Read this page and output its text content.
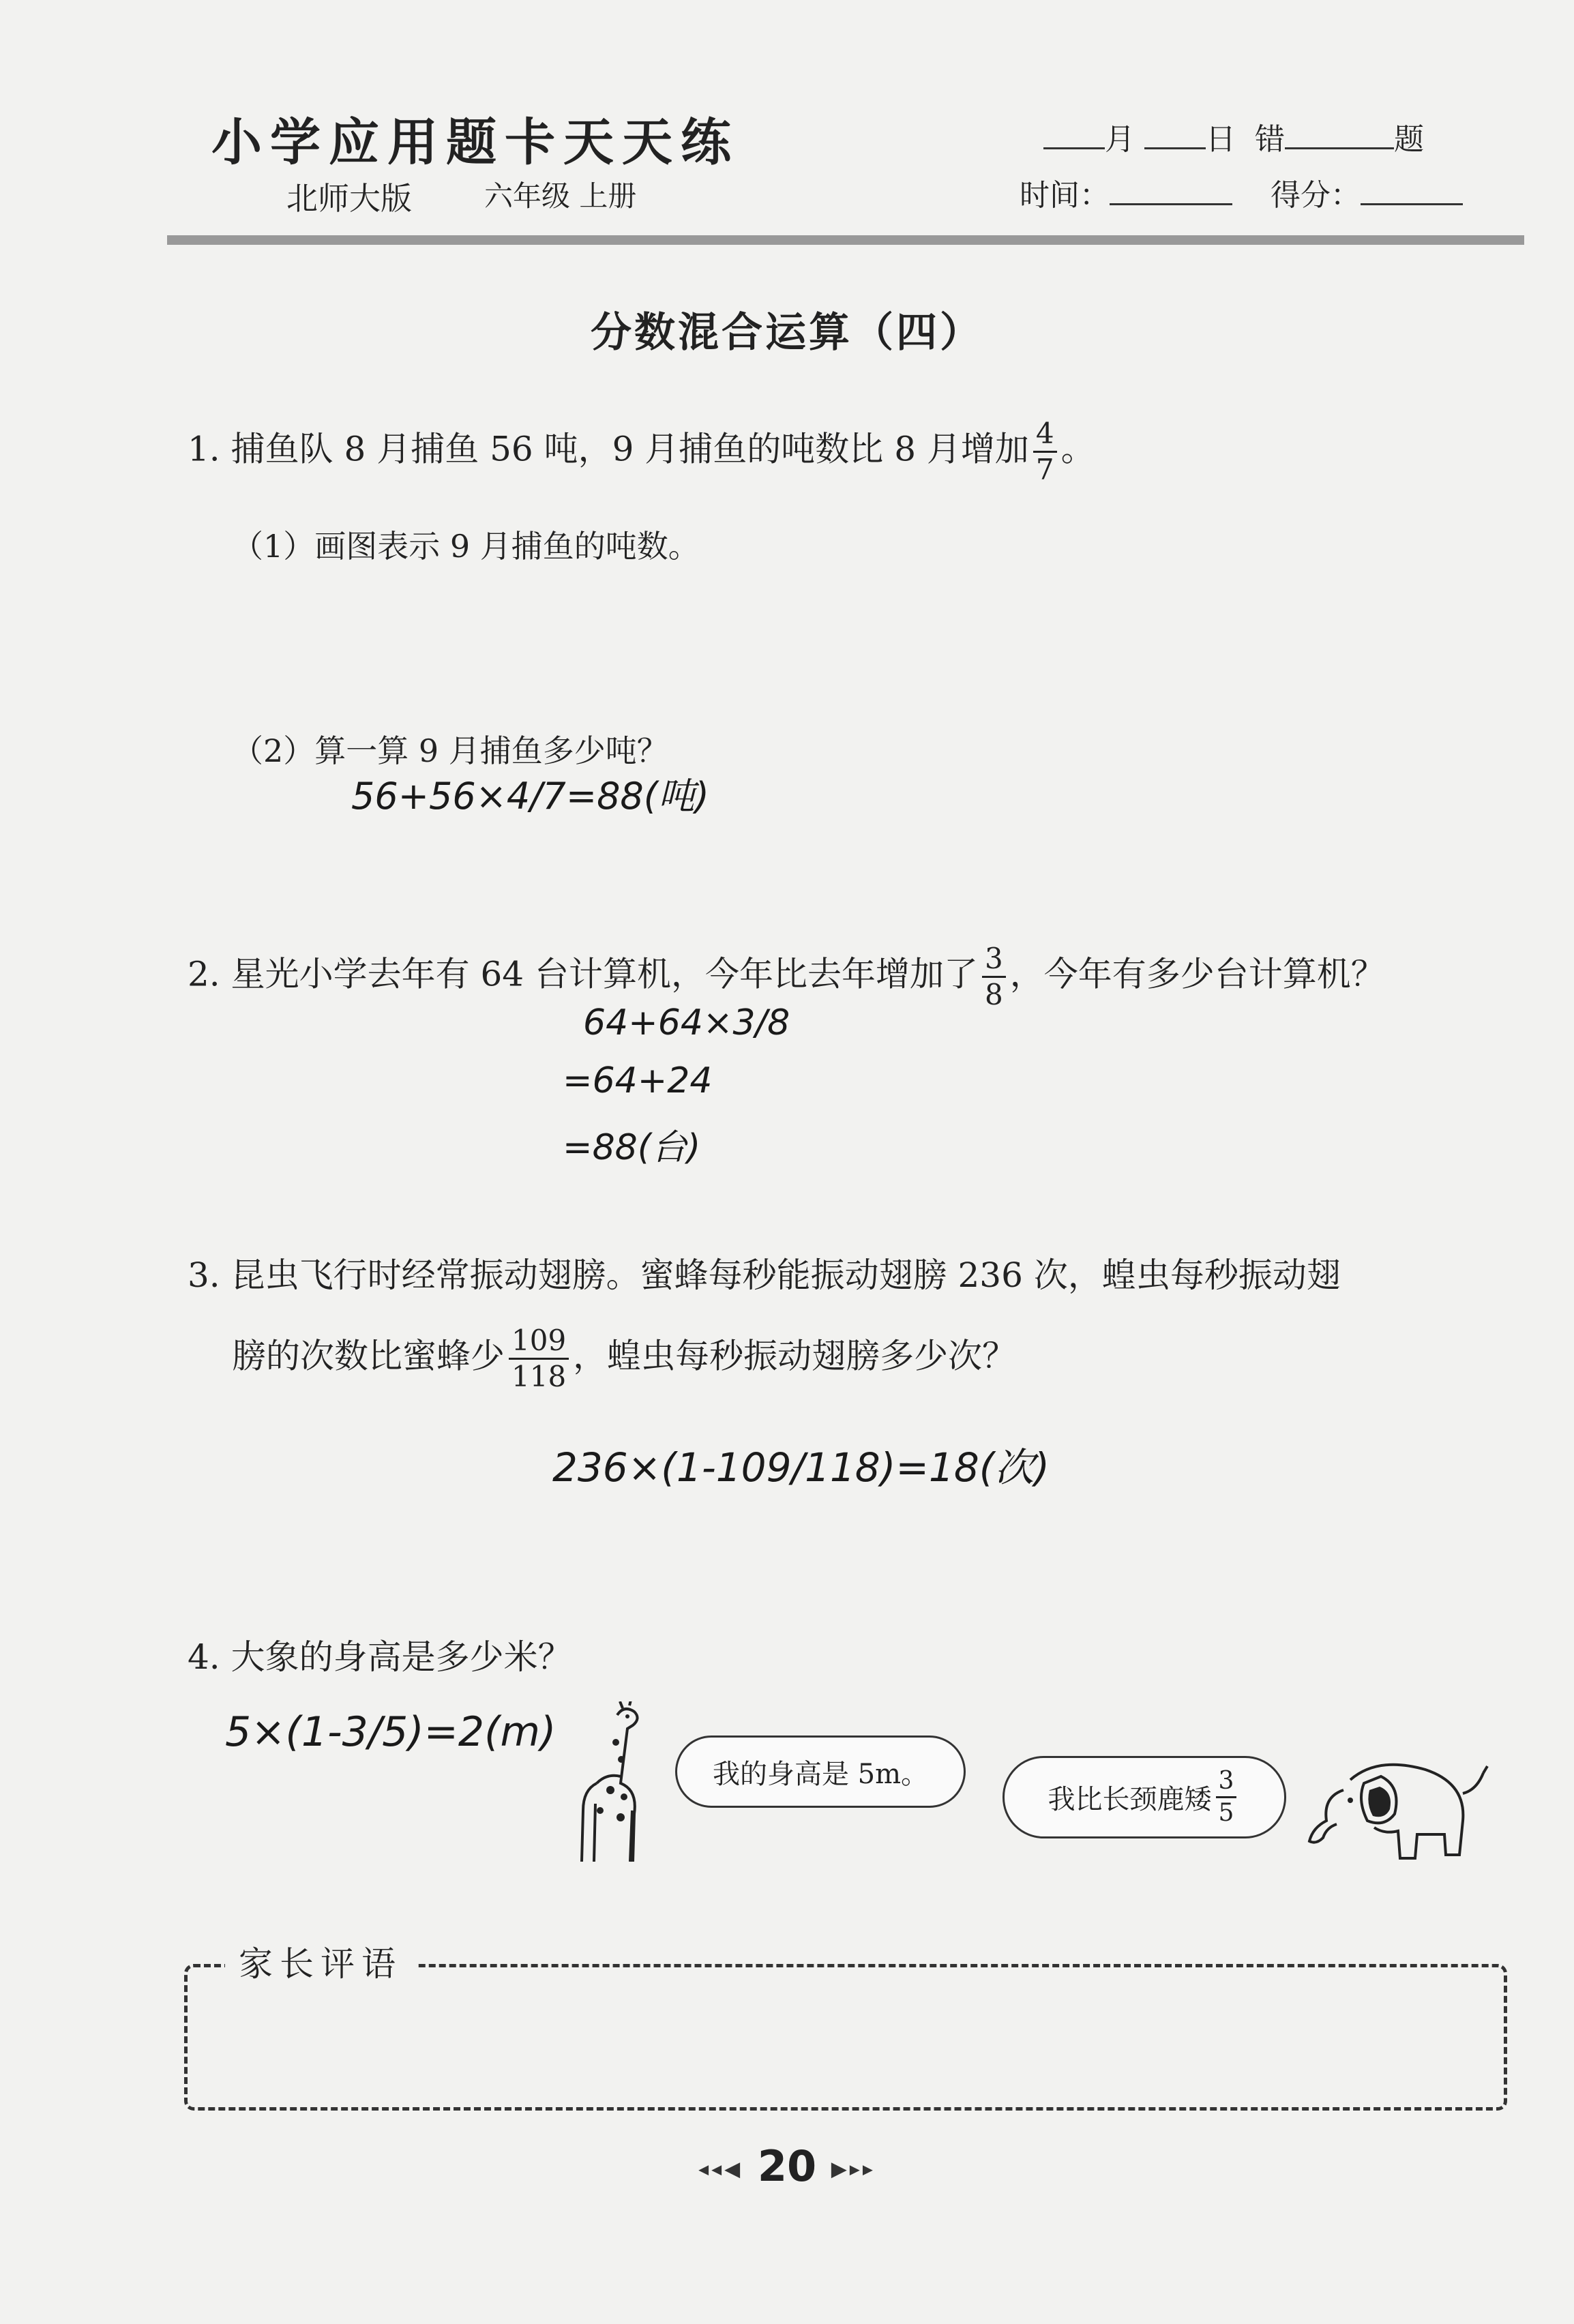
小学应用题卡天天练
北师大版	六年级 上册
月 日 错	题
时间：	得分：
分数混合运算（四）
1. 捕鱼队 8 月捕鱼 56 吨，9 月捕鱼的吨数比 8 月增加 $\frac{4}{7}$ 。
（1）画图表示 9 月捕鱼的吨数。
（2）算一算 9 月捕鱼多少吨？
56+56×4/7=88(吨)
2. 星光小学去年有 64 台计算机，今年比去年增加了 $\frac{3}{8}$ ，今年有多少台计算机？
64+64×3/8
=64+24
=88(台)
3. 昆虫飞行时经常振动翅膀。蜜蜂每秒能振动翅膀 236 次，蝗虫每秒振动翅
膀的次数比蜜蜂少 $\frac{109}{118}$ ，蝗虫每秒振动翅膀多少次？
236×(1-109/118)=18(次)
4. 大象的身高是多少米？
5×(1-3/5)=2(m)
我的身高是 5m。
我比长颈鹿矮 $\frac{3}{5}$
家长评语
◂◂◀ 20 ▶▸▸
